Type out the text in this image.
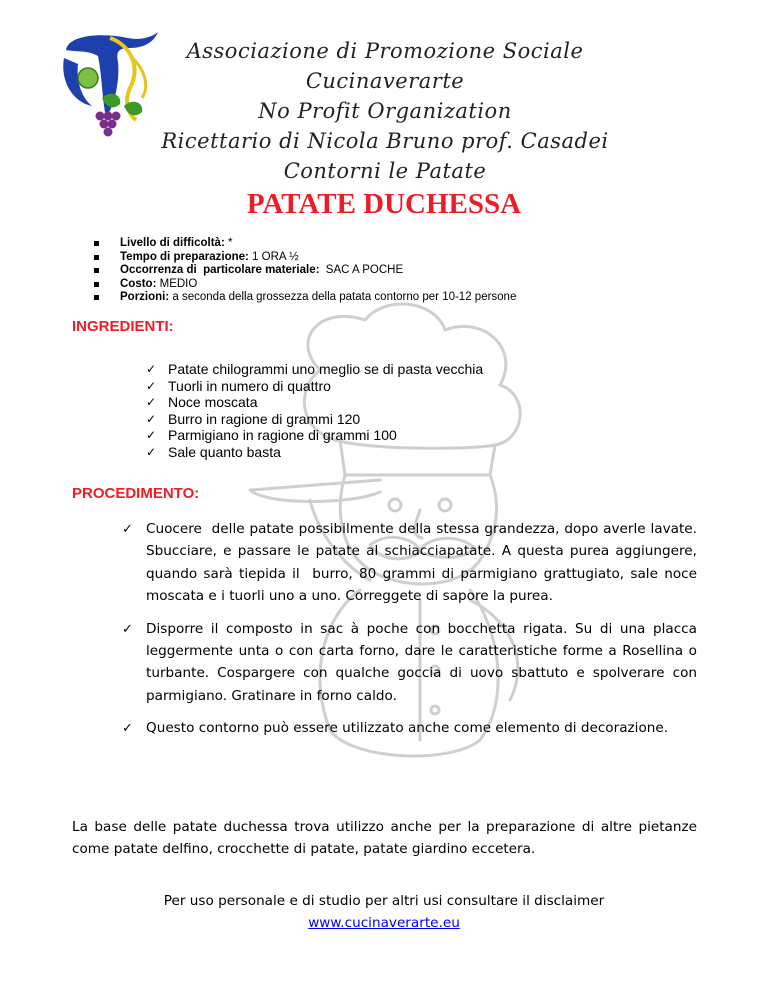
Associazione di Promozione Sociale Cucinaverarte
No Profit Organization
Ricettario di Nicola Bruno prof. Casadei
Contorni le Patate
PATATE DUCHESSA
Livello di difficoltà: *
Tempo di preparazione: 1 ORA ½
Occorrenza di  particolare materiale:  SAC A POCHE
Costo: MEDIO
Porzioni: a seconda della grossezza della patata contorno per 10-12 persone
INGREDIENTI:
✓ Patate chilogrammi uno meglio se di pasta vecchia
✓ Tuorli in numero di quattro
✓ Noce moscata
✓ Burro in ragione di grammi 120
✓ Parmigiano in ragione di grammi 100
✓ Sale quanto basta
PROCEDIMENTO:
✓ Cuocere  delle patate possibilmente della stessa grandezza, dopo averle lavate. Sbucciare, e passare le patate al schiacciapatate. A questa purea aggiungere,  quando sarà tiepida il  burro, 80 grammi di parmigiano grattugiato, sale noce moscata e i tuorli uno a uno. Correggete di sapore la purea.
✓ Disporre il composto in sac à poche con bocchetta rigata. Su di una placca leggermente unta o con carta forno, dare le caratteristiche forme a Rosellina o turbante. Cospargere con qualche goccia di uovo sbattuto e spolverare con parmigiano. Gratinare in forno caldo.
✓ Questo contorno può essere utilizzato anche come elemento di decorazione.
La base delle patate duchessa trova utilizzo anche per la preparazione di altre pietanze come patate delfino, crocchette di patate, patate giardino eccetera.
Per uso personale e di studio per altri usi consultare il disclaimer
www.cucinaverarte.eu
